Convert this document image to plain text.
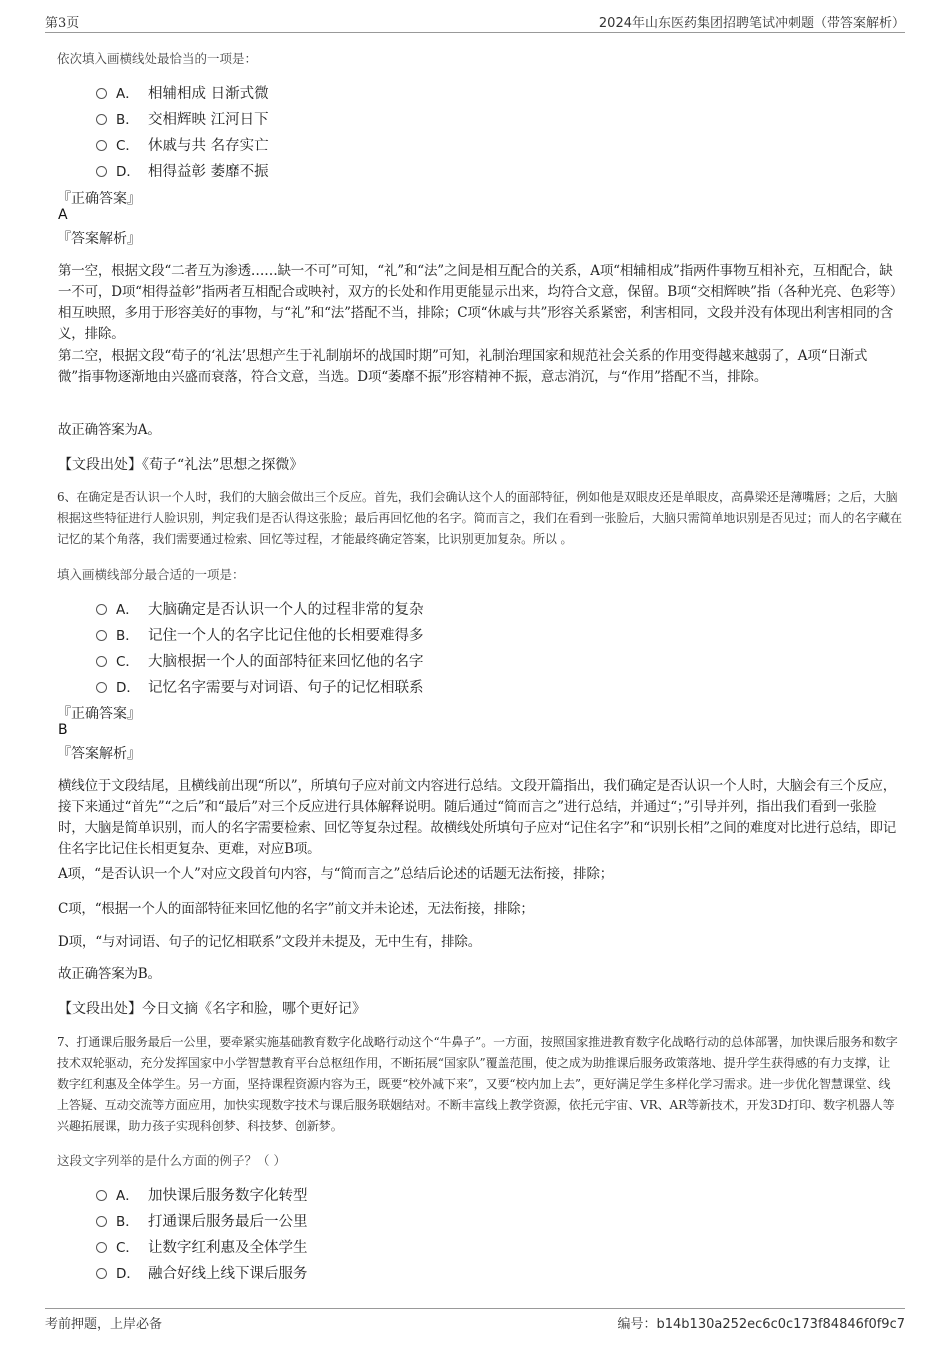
第3页	2024年山东医药集团招聘笔试冲刺题（带答案解析）
依次填入画横线处最恰当的一项是：
A． 相辅相成 日渐式微
B． 交相辉映 江河日下
C． 休戚与共 名存实亡
D． 相得益彰 萎靡不振
『正确答案』
A
『答案解析』
第一空，根据文段“二者互为渗透……缺一不可”可知，“礼”和“法”之间是相互配合的关系，A项“相辅相成”指两件事物互相补充，互相配合，缺一不可，D项“相得益彰”指两者互相配合或映衬，双方的长处和作用更能显示出来，均符合文意，保留。B项“交相辉映”指（各种光亮、色彩等）相互映照，多用于形容美好的事物，与“礼”和“法”搭配不当，排除；C项“休戚与共”形容关系紧密，利害相同，文段并没有体现出利害相同的含义，排除。
第二空，根据文段“荀子的‘礼法’思想产生于礼制崩坏的战国时期”可知，礼制治理国家和规范社会关系的作用变得越来越弱了，A项“日渐式微”指事物逐渐地由兴盛而衰落，符合文意，当选。D项“萎靡不振”形容精神不振，意志消沉，与“作用”搭配不当，排除。
故正确答案为A。
【文段出处】《荀子“礼法”思想之探微》
6、在确定是否认识一个人时，我们的大脑会做出三个反应。首先，我们会确认这个人的面部特征，例如他是双眼皮还是单眼皮，高鼻梁还是薄嘴唇；之后，大脑根据这些特征进行人脸识别，判定我们是否认得这张脸；最后再回忆他的名字。简而言之，我们在看到一张脸后，大脑只需简单地识别是否见过；而人的名字藏在记忆的某个角落，我们需要通过检索、回忆等过程，才能最终确定答案，比识别更加复杂。所以 。
填入画横线部分最合适的一项是：
A． 大脑确定是否认识一个人的过程非常的复杂
B． 记住一个人的名字比记住他的长相要难得多
C． 大脑根据一个人的面部特征来回忆他的名字
D． 记忆名字需要与对词语、句子的记忆相联系
『正确答案』
B
『答案解析』
横线位于文段结尾，且横线前出现“所以”，所填句子应对前文内容进行总结。文段开篇指出，我们确定是否认识一个人时，大脑会有三个反应，接下来通过“首先”“之后”和“最后”对三个反应进行具体解释说明。随后通过“简而言之”进行总结，并通过“；”引导并列，指出我们看到一张脸时，大脑是简单识别，而人的名字需要检索、回忆等复杂过程。故横线处所填句子应对“记住名字”和“识别长相”之间的难度对比进行总结，即记住名字比记住长相更复杂、更难，对应B项。
A项，“是否认识一个人”对应文段首句内容，与“简而言之”总结后论述的话题无法衔接，排除；
C项，“根据一个人的面部特征来回忆他的名字”前文并未论述，无法衔接，排除；
D项，“与对词语、句子的记忆相联系”文段并未提及，无中生有，排除。
故正确答案为B。
【文段出处】今日文摘《名字和脸，哪个更好记》
7、打通课后服务最后一公里，要牵紧实施基础教育数字化战略行动这个“牛鼻子”。一方面，按照国家推进教育数字化战略行动的总体部署，加快课后服务和数字技术双轮驱动，充分发挥国家中小学智慧教育平台总枢纽作用，不断拓展“国家队”覆盖范围，使之成为助推课后服务政策落地、提升学生获得感的有力支撑，让数字红利惠及全体学生。另一方面，坚持课程资源内容为王，既要“校外减下来”，又要“校内加上去”，更好满足学生多样化学习需求。进一步优化智慧课堂、线上答疑、互动交流等方面应用，加快实现数字技术与课后服务联姻结对。不断丰富线上教学资源，依托元宇宙、VR、AR等新技术，开发3D打印、数字机器人等兴趣拓展课，助力孩子实现科创梦、科技梦、创新梦。
这段文字列举的是什么方面的例子？（ ）
A． 加快课后服务数字化转型
B． 打通课后服务最后一公里
C． 让数字红利惠及全体学生
D． 融合好线上线下课后服务
考前押题，上岸必备	编号：b14b130a252ec6c0c173f84846f0f9c7
